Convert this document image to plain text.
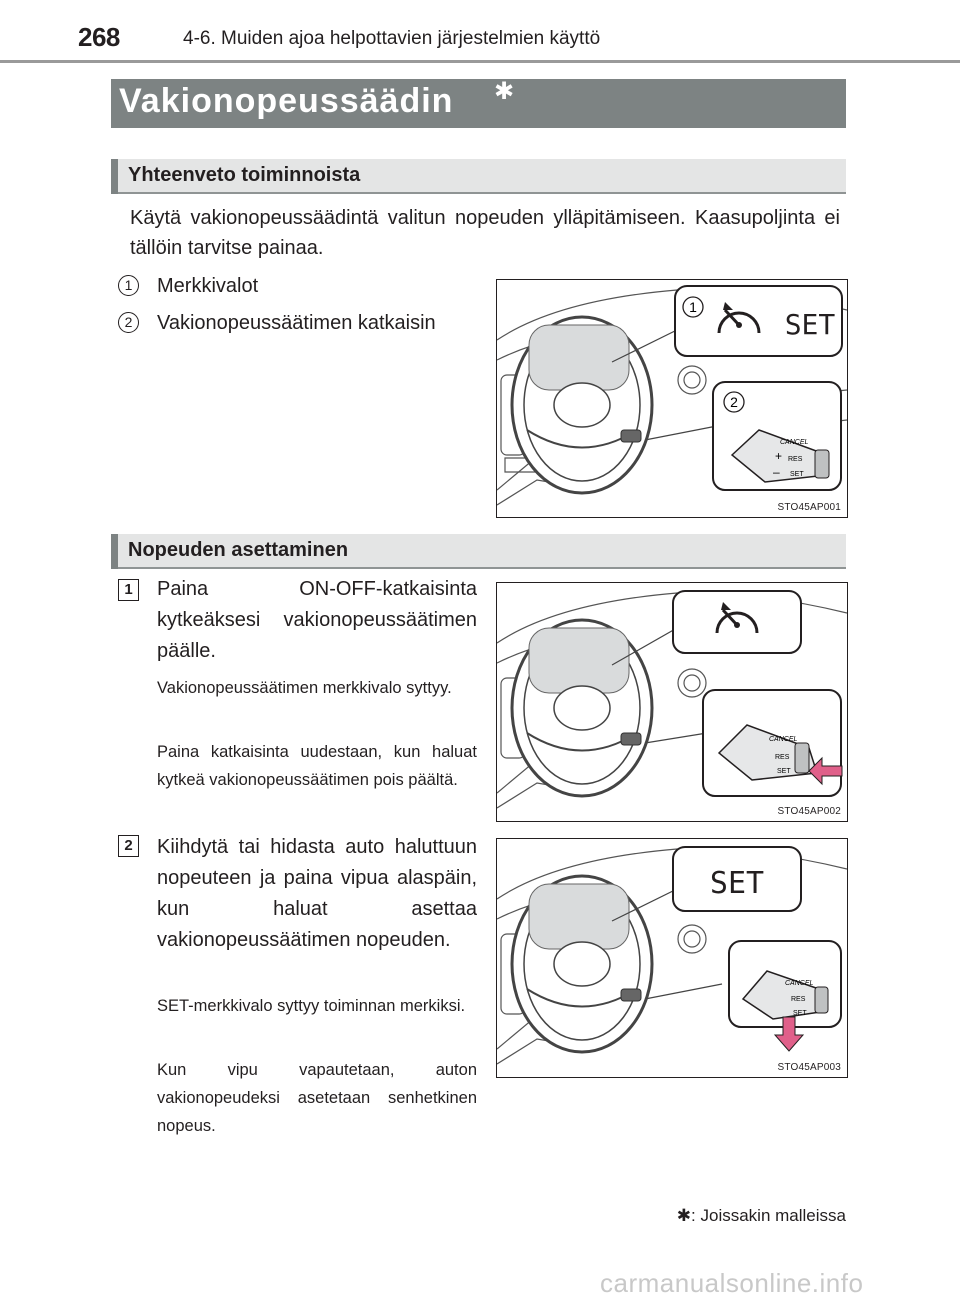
268	4-6. Muiden ajoa helpottavien järjestelmien käyttö
Vakionopeussäädin ✱
Yhteenveto toiminnoista
Käytä vakionopeussäädintä valitun nopeuden ylläpitämiseen. Kaasupoljinta ei tällöin tarvitse painaa.
1	Merkkivalot
2	Vakionopeussäätimen katkaisin
1
SET
2
CANCEL
RES
SET
+
–
STO45AP001
Nopeuden asettaminen
1	Paina ON-OFF-katkaisinta kytkeäksesi vakionopeussäätimen päälle.
Vakionopeussäätimen merkkivalo syttyy.
Paina katkaisinta uudestaan, kun haluat kytkeä vakionopeussäätimen pois päältä.
CANCEL
RES
SET
STO45AP002
2	Kiihdytä tai hidasta auto haluttuun nopeuteen ja paina vipua alaspäin, kun haluat asettaa vakionopeussäätimen nopeuden.
SET-merkkivalo syttyy toiminnan merkiksi.
Kun vipu vapautetaan, auton vakionopeudeksi asetetaan senhetkinen nopeus.
SET
CANCEL
RES
SET
STO45AP003
✱: Joissakin malleissa
carmanualsonline.info
